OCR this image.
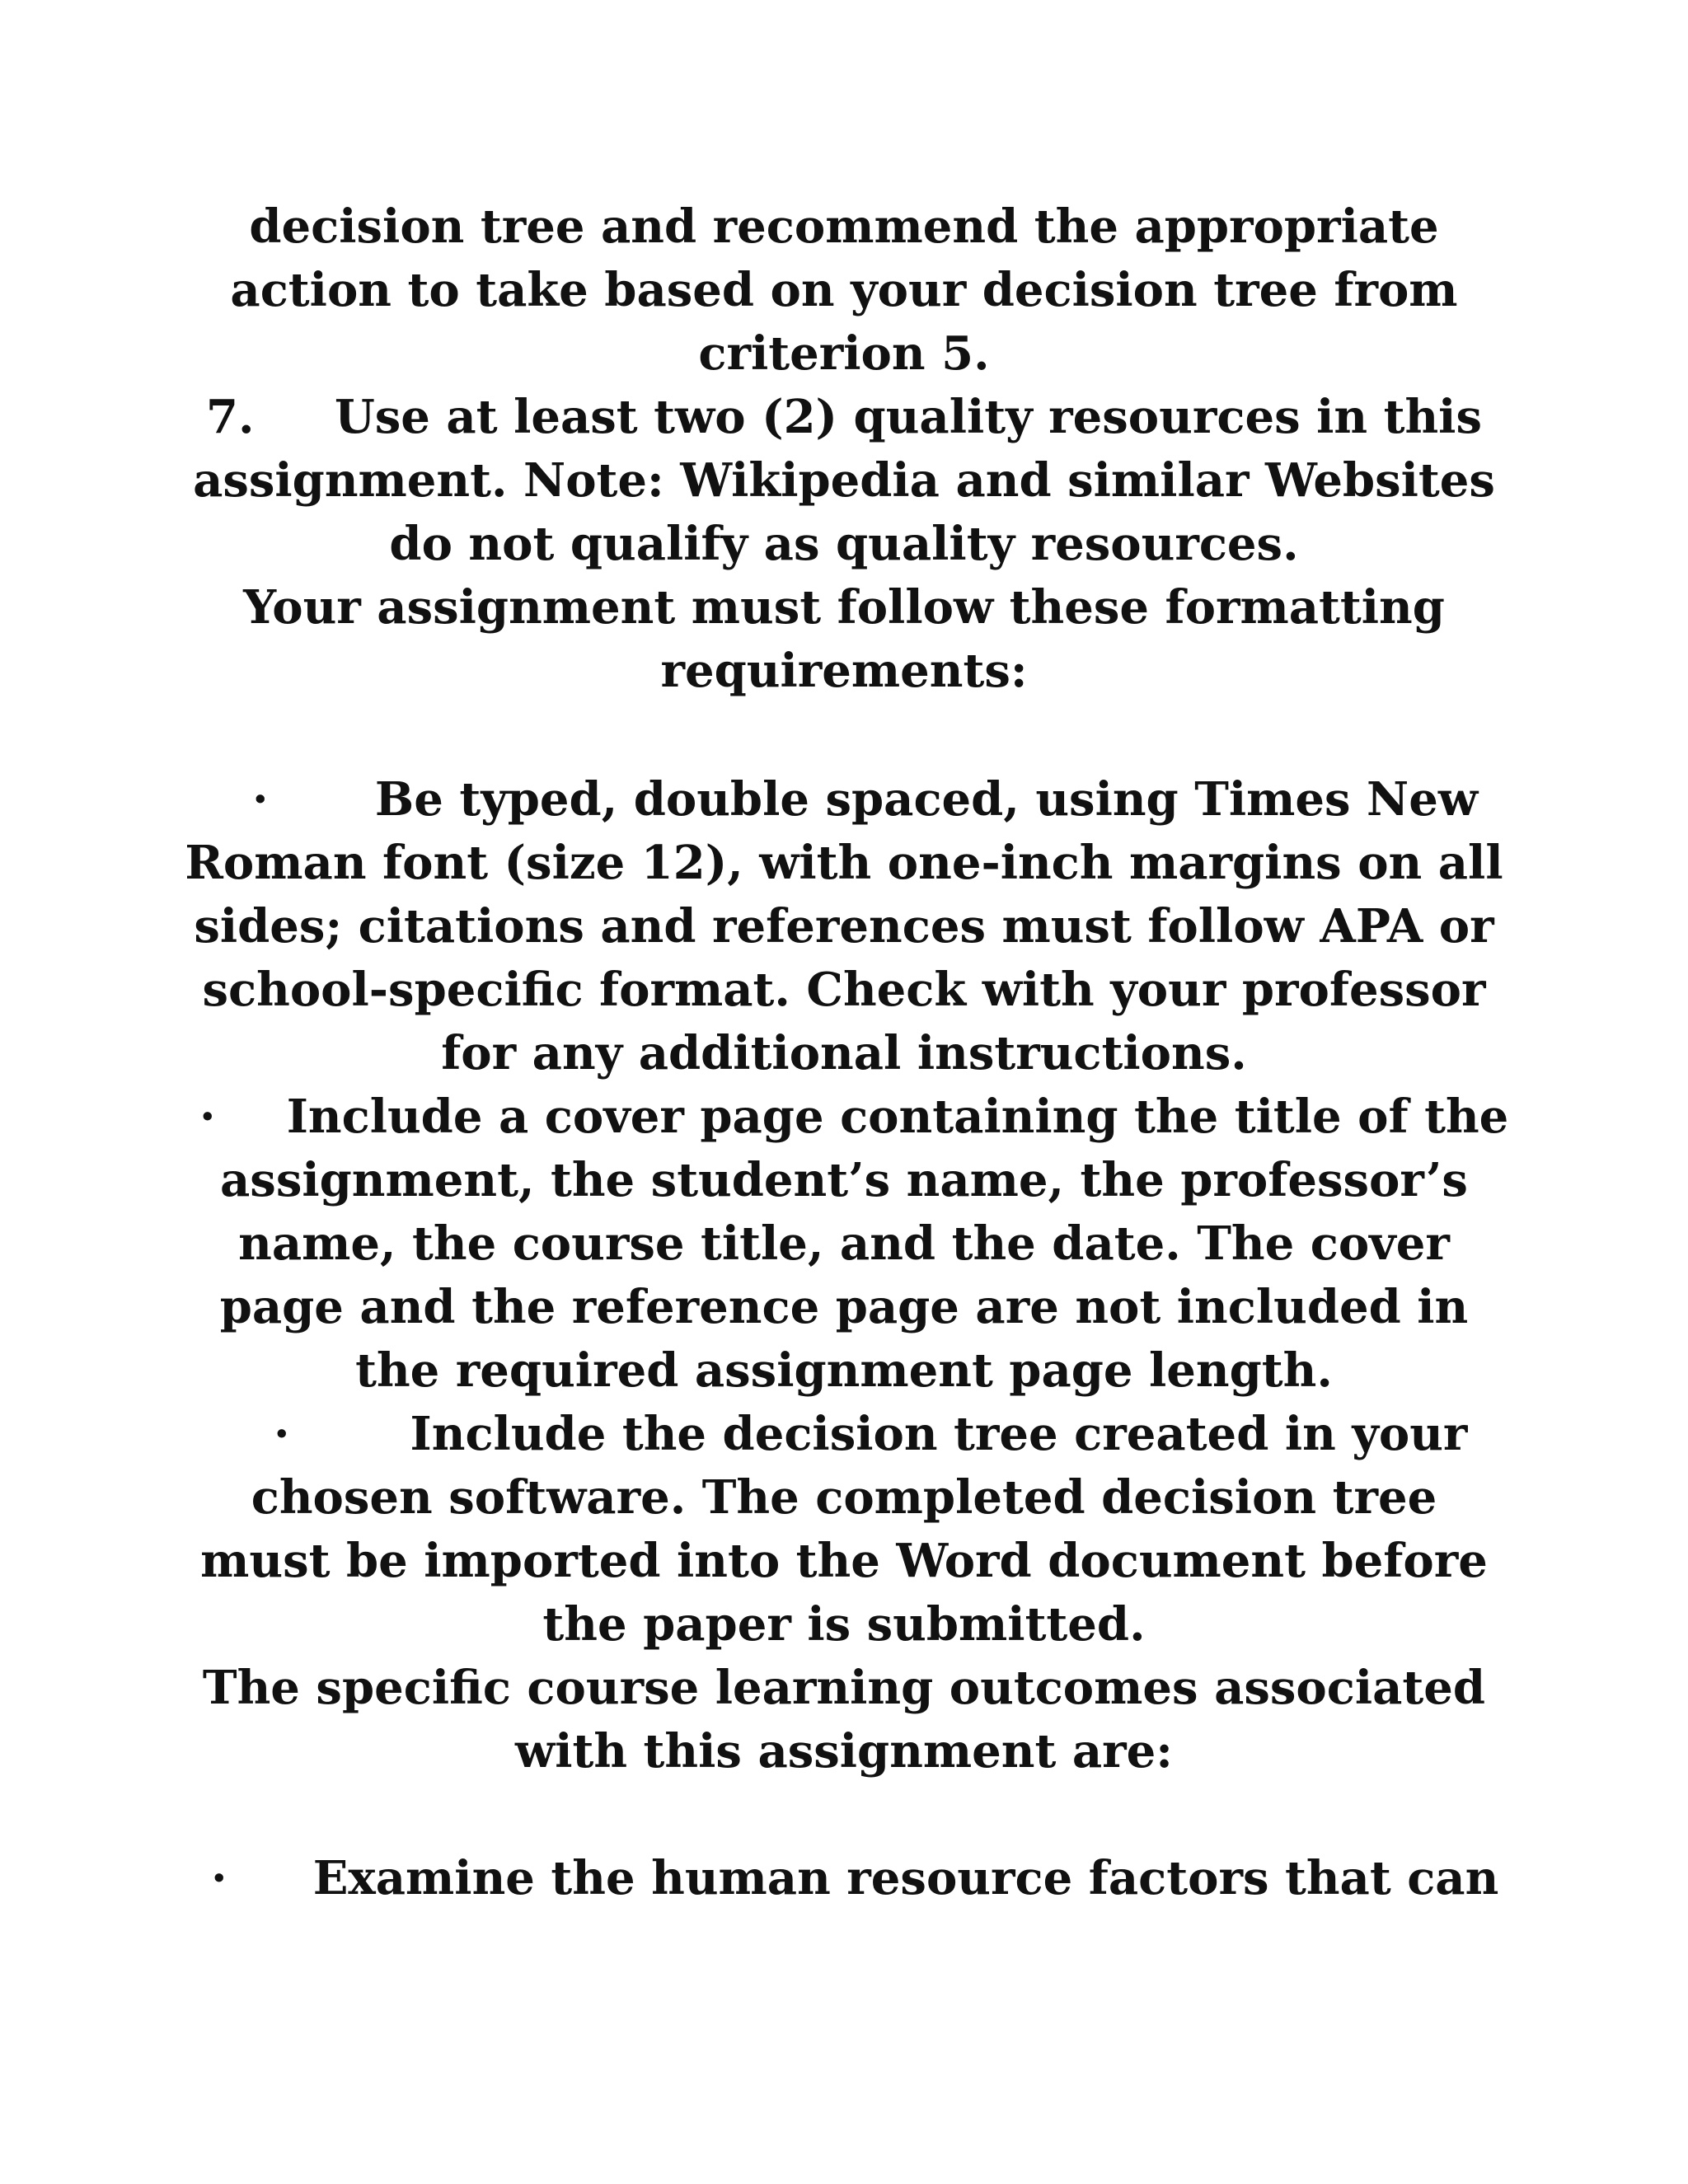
decision tree and recommend the appropriate
action to take based on your decision tree from
criterion 5.
7.     Use at least two (2) quality resources in this
assignment. Note: Wikipedia and similar Websites
do not qualify as quality resources.
Your assignment must follow these formatting
requirements:
·	Be typed, double spaced, using Times New
Roman font (size 12), with one-inch margins on all
sides; citations and references must follow APA or
school-specific format. Check with your professor
for any additional instructions.
·	Include a cover page containing the title of the
assignment, the student’s name, the professor’s
name, the course title, and the date. The cover
page and the reference page are not included in
the required assignment page length.
·	Include the decision tree created in your
chosen software. The completed decision tree
must be imported into the Word document before
the paper is submitted.
The specific course learning outcomes associated
with this assignment are:
·	Examine the human resource factors that can
